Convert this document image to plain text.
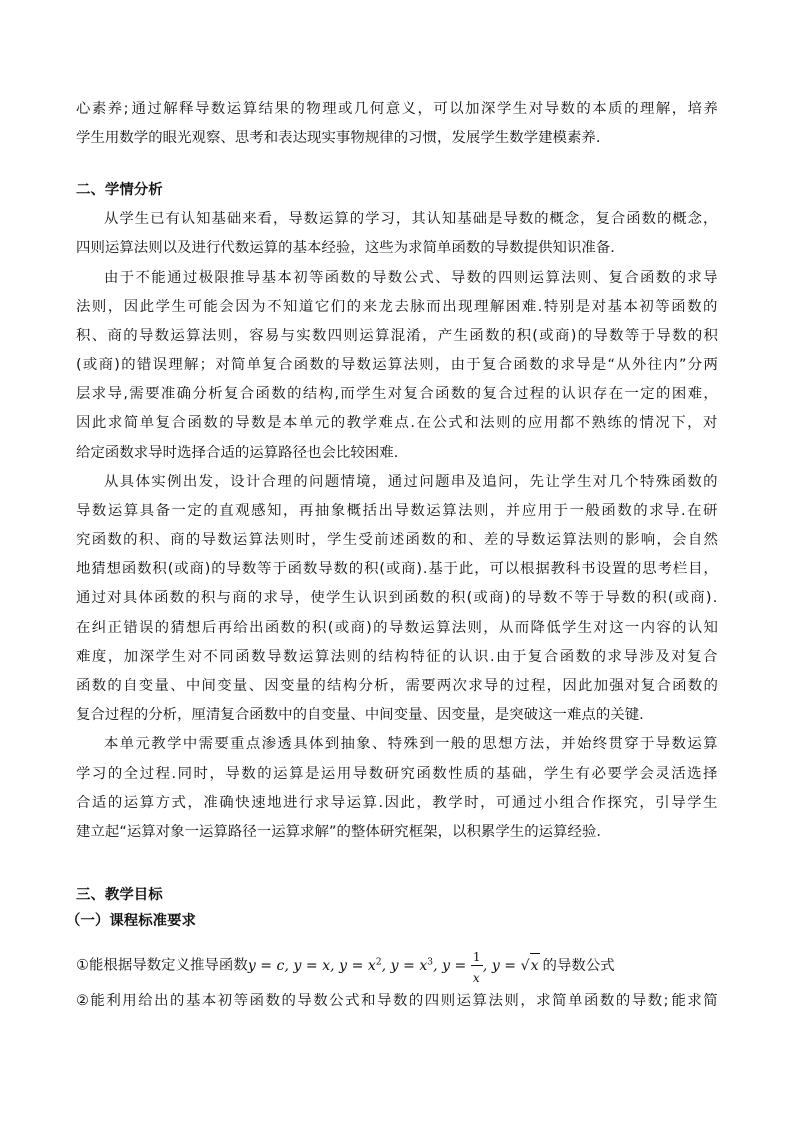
心 素 养 ; 通 过 解 释 导 数 运 算 结 果 的 物 理 或 几 何 意 义 ， 可 以 加 深 学 生 对 导 数 的 本 质 的 理 解 ， 培 养
学生用数学的眼光观察、思考和表达现实事物规律的习惯，发展学生数学建模素养.
二、学情分析
从 学 生 已 有 认 知 基 础 来 看 ， 导 数 运 算 的 学 习 ， 其 认 知 基 础 是 导 数 的 概 念 ， 复 合 函 数 的 概 念 ，
四则运算法则以及进行代数运算的基本经验，这些为求简单函数的导数提供知识准备.
由 于 不 能 通 过 极 限 推 导 基 本 初 等 函 数 的 导 数 公 式 、 导 数 的 四 则 运 算 法 则 、 复 合 函 数 的 求 导
法 则 ， 因 此 学 生 可 能 会 因 为 不 知 道 它 们 的 来 龙 去 脉 而 出 现 理 解 困 难 . 特 别 是 对 基 本 初 等 函 数 的
积 、 商 的 导 数 运 算 法 则 ， 容 易 与 实 数 四 则 运 算 混 淆 ， 产 生 函 数 的 积 ( 或 商 ) 的 导 数 等 于 导 数 的 积
( 或 商 ) 的 错 误 理 解 ； 对 简 单 复 合 函 数 的 导 数 运 算 法 则 ， 由 于 复 合 函 数 的 求 导 是 “ 从 外 往 内 ” 分 两
层 求 导 , 需 要 准 确 分 析 复 合 函 数 的 结 构 , 而 学 生 对 复 合 函 数 的 复 合 过 程 的 认 识 存 在 一 定 的 困 难 ，
因 此 求 简 单 复 合 函 数 的 导 数 是 本 单 元 的 教 学 难 点 . 在 公 式 和 法 则 的 应 用 都 不 熟 练 的 情 况 下 ， 对
给定函数求导时选择合适的运算路径也会比较困难.
从 具 体 实 例 出 发 ， 设 计 合 理 的 问 题 情 境 ， 通 过 问 题 串 及 追 问 ， 先 让 学 生 对 几 个 特 殊 函 数 的
导 数 运 算 具 备 一 定 的 直 观 感 知 ， 再 抽 象 概 括 出 导 数 运 算 法 则 ， 并 应 用 于 一 般 函 数 的 求 导 . 在 研
究 函 数 的 积 、 商 的 导 数 运 算 法 则 时 ， 学 生 受 前 述 函 数 的 和 、 差 的 导 数 运 算 法 则 的 影 响 ， 会 自 然
地 猜 想 函 数 积 ( 或 商 ) 的 导 数 等 于 函 数 导 数 的 积 ( 或 商 ) . 基 于 此 ， 可 以 根 据 教 科 书 设 置 的 思 考 栏 目 ，
通 过 对 具 体 函 数 的 积 与 商 的 求 导 ， 使 学 生 认 识 到 函 数 的 积 ( 或 商 ) 的 导 数 不 等 于 导 数 的 积 ( 或 商 ) .
在 纠 正 错 误 的 猜 想 后 再 给 出 函 数 的 积 ( 或 商 ) 的 导 数 运 算 法 则 ， 从 而 降 低 学 生 对 这 一 内 容 的 认 知
难 度 ， 加 深 学 生 对 不 同 函 数 导 数 运 算 法 则 的 结 构 特 征 的 认 识 . 由 于 复 合 函 数 的 求 导 涉 及 对 复 合
函 数 的 自 变 量 、 中 间 变 量 、 因 变 量 的 结 构 分 析 ， 需 要 两 次 求 导 的 过 程 ， 因 此 加 强 对 复 合 函 数 的
复合过程的分析，厘清复合函数中的自变量、中间变量、因变量，是突破这一难点的关键.
本 单 元 教 学 中 需 要 重 点 渗 透 具 体 到 抽 象 、 特 殊 到 一 般 的 思 想 方 法 ， 并 始 终 贯 穿 于 导 数 运 算
学 习 的 全 过 程 . 同 时 ， 导 数 的 运 算 是 运 用 导 数 研 究 函 数 性 质 的 基 础 ， 学 生 有 必 要 学 会 灵 活 选 择
合 适 的 运 算 方 式 ， 准 确 快 速 地 进 行 求 导 运 算 . 因 此 ， 教 学 时 ， 可 通 过 小 组 合 作 探 究 ， 引 导 学 生
建立起“运算对象一运算路径一运算求解”的整体研究框架，以积累学生的运算经验.
三、教学目标
（一）课程标准要求
①能根据导数定义推导函数y = c, y = x, $y = x^2$, $y = x^3$, $y = \frac{1}{x}$ , y = √x 的导数公式
② 能 利 用 给 出 的 基 本 初 等 函 数 的 导 数 公 式 和 导 数 的 四 则 运 算 法 则 ， 求 简 单 函 数 的 导 数 ; 能 求 简
